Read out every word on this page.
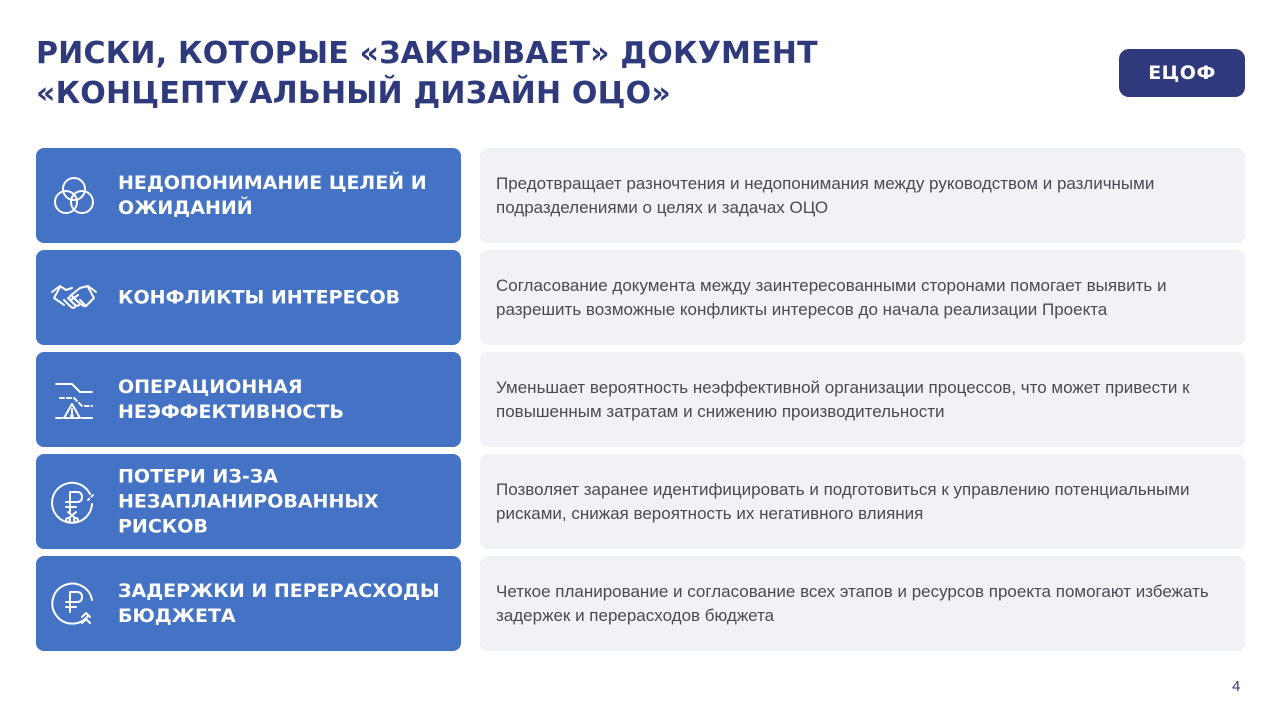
РИСКИ, КОТОРЫЕ «ЗАКРЫВАЕТ» ДОКУМЕНТ
«КОНЦЕПТУАЛЬНЫЙ ДИЗАЙН ОЦО»
ЕЦОФ
НЕДОПОНИМАНИЕ ЦЕЛЕЙ И ОЖИДАНИЙ

Предотвращает разночтения и недопонимания между руководством и различными подразделениями о целях и задачах ОЦО

КОНФЛИКТЫ ИНТЕРЕСОВ

Согласование документа между заинтересованными сторонами помогает выявить и разрешить возможные конфликты интересов до начала реализации Проекта

ОПЕРАЦИОННАЯ НЕЭФФЕКТИВНОСТЬ

Уменьшает вероятность неэффективной организации процессов, что может привести к повышенным затратам и снижению производительности

ПОТЕРИ ИЗ-ЗА НЕЗАПЛАНИРОВАННЫХ РИСКОВ

Позволяет заранее идентифицировать и подготовиться к управлению потенциальными рисками, снижая вероятность их негативного влияния

ЗАДЕРЖКИ И ПЕРЕРАСХОДЫ БЮДЖЕТА

Четкое планирование и согласование всех этапов и ресурсов проекта помогают избежать задержек и перерасходов бюджета

4
